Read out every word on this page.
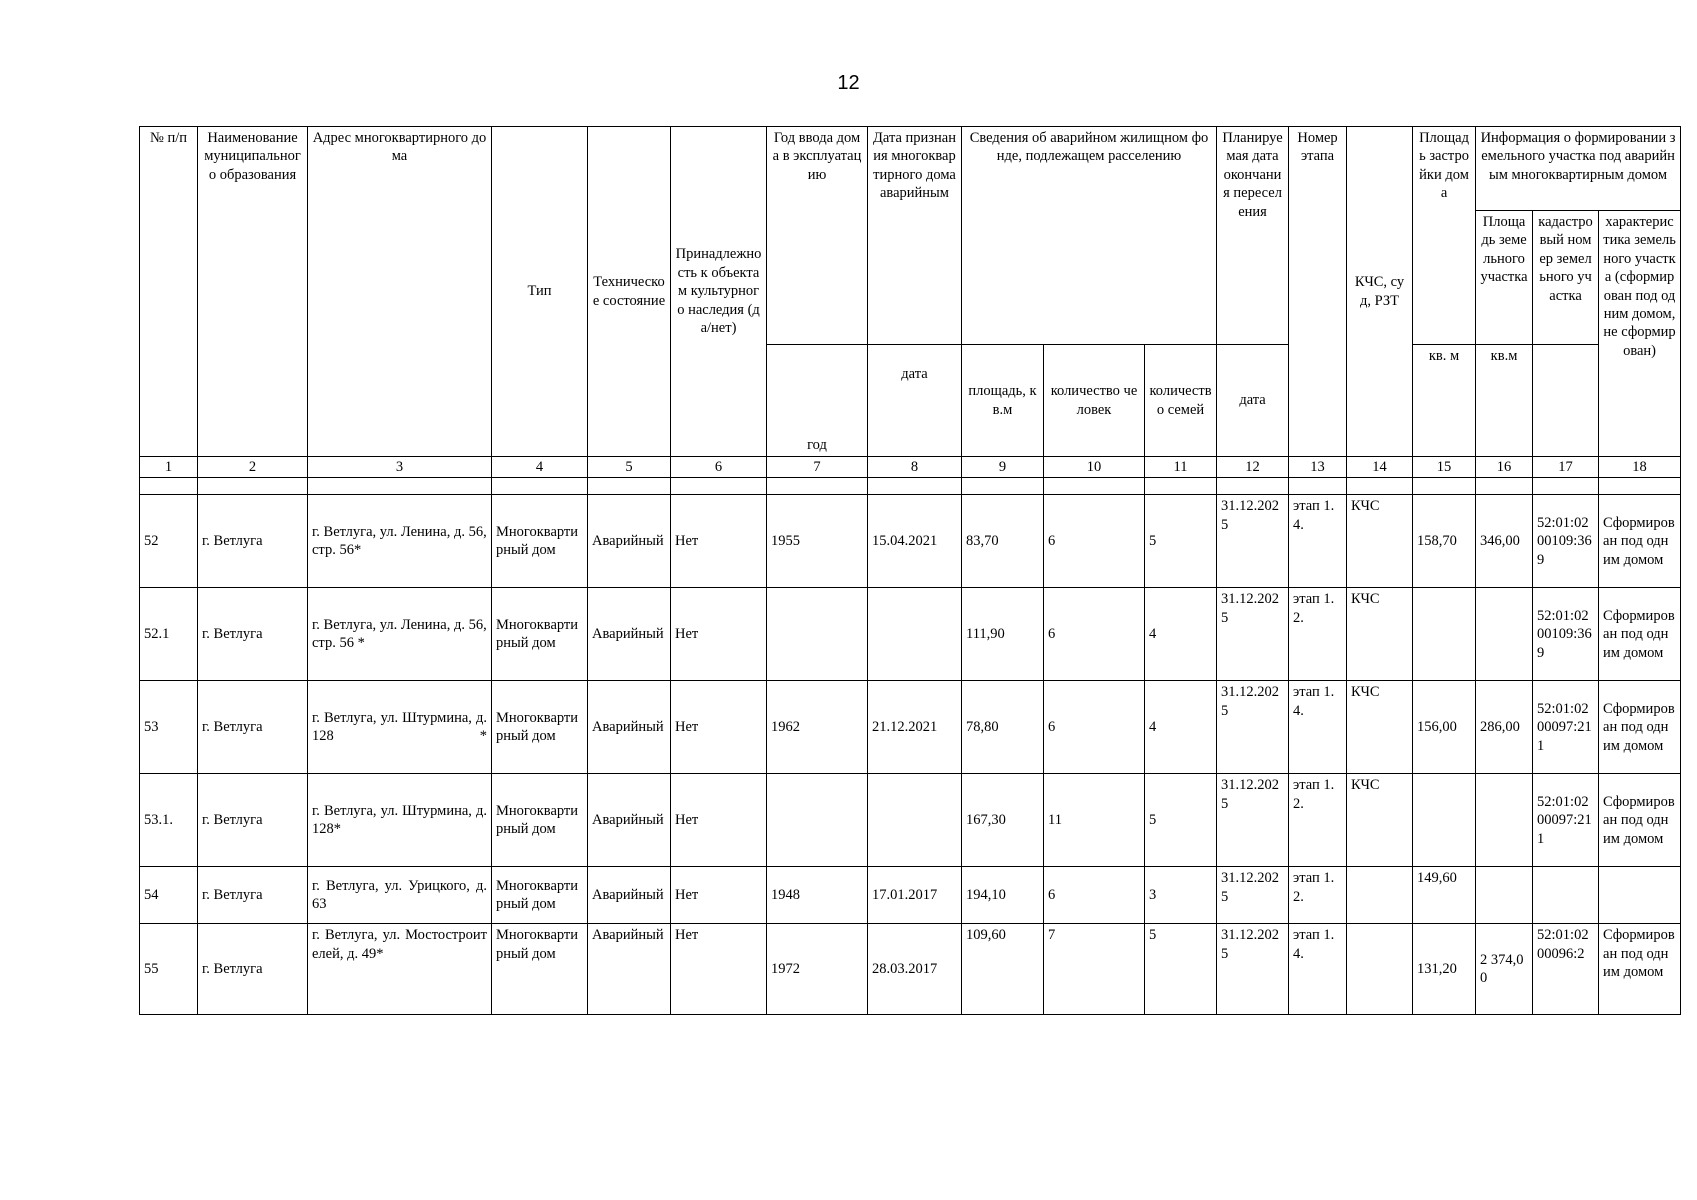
12
№ п/п	Наименование муниципального образования	Адрес многоквартирного дома	Тип	Техническое состояние	Принадлежность к объектам культурного наследия (да/нет)	Год ввода дома в эксплуатацию	Дата признания многоквартирного дома аварийным	Сведения об аварийном жилищном фонде, подлежащем расселению			Планируемая дата окончания переселения	Номер этапа	КЧС, суд, РЗТ	Площадь застройки дома	Информация о формировании земельного участка под аварийным многоквартирным домом		
															Площадь земельного участка	кадастровый номер земельного участка	характеристика земельного участка (сформирован под одним домом, не сформирован)
						год	дата	площадь, кв.м	количество человек	количество семей	дата			кв. м	кв.м		
1	2	3	4	5	6	7	8	9	10	11	12	13	14	15	16	17	18

52	г. Ветлуга	г. Ветлуга, ул. Ленина, д. 56, стр. 56*	Многоквартирный дом	Аварийный	Нет	1955	15.04.2021	83,70	6	5	31.12.2025	этап 1.4.	КЧС	158,70	346,00	52:01:0200109:369	Сформирован под одним домом
52.1	г. Ветлуга	г. Ветлуга, ул. Ленина, д. 56, стр. 56 *	Многоквартирный дом	Аварийный	Нет			111,90	6	4	31.12.2025	этап 1.2.	КЧС			52:01:0200109:369	Сформирован под одним домом
53	г. Ветлуга	г. Ветлуга, ул. Штурмина, д. 128 *	Многоквартирный дом	Аварийный	Нет	1962	21.12.2021	78,80	6	4	31.12.2025	этап 1.4.	КЧС	156,00	286,00	52:01:0200097:211	Сформирован под одним домом
53.1.	г. Ветлуга	г. Ветлуга, ул. Штурмина, д. 128*	Многоквартирный дом	Аварийный	Нет			167,30	11	5	31.12.2025	этап 1.2.	КЧС			52:01:0200097:211	Сформирован под одним домом
54	г. Ветлуга	г. Ветлуга, ул. Урицкого, д. 63	Многоквартирный дом	Аварийный	Нет	1948	17.01.2017	194,10	6	3	31.12.2025	этап 1.2.		149,60			
55	г. Ветлуга	г. Ветлуга, ул. Мостостроителей, д. 49*	Многоквартирный дом	Аварийный	Нет	1972	28.03.2017	109,60	7	5	31.12.2025	этап 1.4.		131,20	2 374,00	52:01:0200096:2	Сформирован под одним домом
